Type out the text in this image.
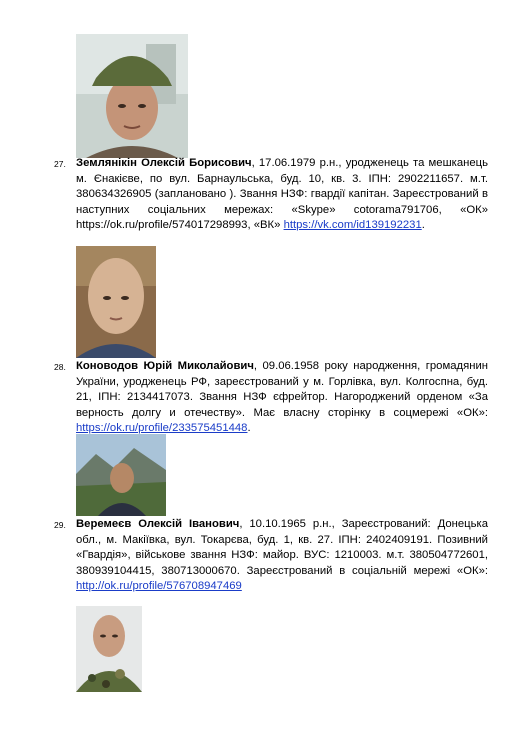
27. Землянікін Олексій Борисович, 17.06.1979 р.н., уродженець та мешканець м. Єнакієве, по вул. Барнаульська, буд. 10, кв. 3. ІПН: 2902211657. м.т. 380634326905 (заплановано ). Звання НЗФ: гвардії капітан. Зареєстрований в наступних соціальних мережах: «Skype» cotorama791706, «ОК» https://ok.ru/profile/574017298993, «ВК» https://vk.com/id139192231.
28. Коноводов Юрій Миколайович, 09.06.1958 року народження, громадянин України, уродженець РФ, зареєстрований у м. Горлівка, вул. Колгоспна, буд. 21, ІПН: 2134417073. Звання НЗФ єфрейтор. Нагороджений орденом «За верность долгу и отечеству». Має власну сторінку в соцмережі «ОК»: https://ok.ru/profile/233575451448.
29. Веремеєв Олексій Іванович, 10.10.1965 р.н., Зареєстрований: Донецька обл., м. Макіївка, вул. Токарєва, буд. 1, кв. 27. ІПН: 2402409191. Позивний «Гвардія», військове звання НЗФ: майор. ВУС: 1210003. м.т. 380504772601, 380939104415, 380713000670. Зареєстрований в соціальній мережі «ОК»: http://ok.ru/profile/576708947469
